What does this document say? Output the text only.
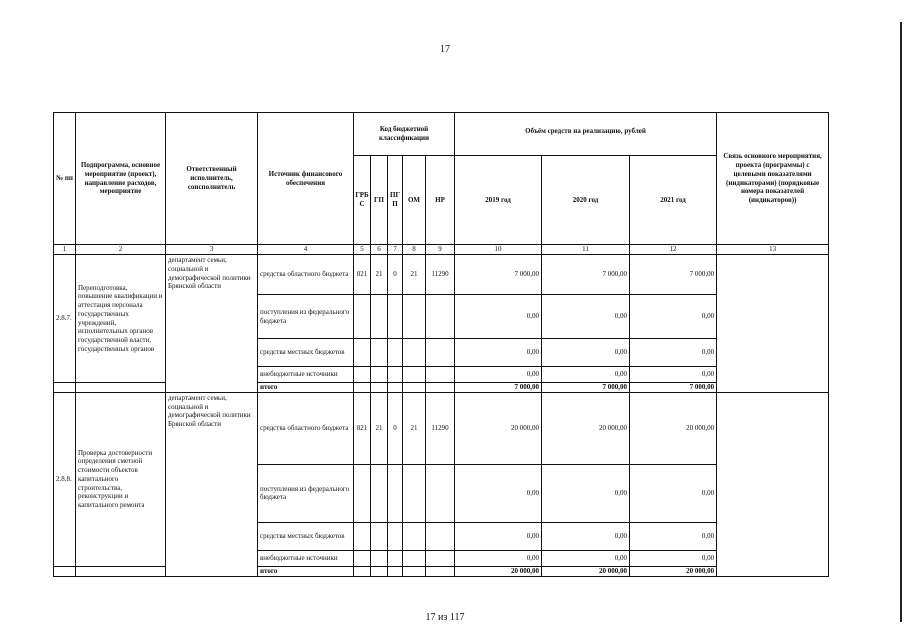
17
№ пп	Подпрограмма, основное мероприятие (проект), направление расходов, мероприятие	Ответственный исполнитель, соисполнитель	Источник финансового обеспечения	Код бюджетной классификации					Объём средств на реализацию, рублей			Связь основного мероприятия, проекта (программы) с целевыми показателями (индикаторами) (порядковые номера показателей (индикаторов))
				ГРБ С	ГП	ПГ П	ОМ	НР	2019 год	2020 год	2021 год	
1	2	3	4	5	6	7	8	9	10	11	12	13
2.8.7.	Переподготовка, повышение квалификации и аттестация персонала государственных учреждений, исполнительных органов государственной власти, государственных органов	департамент семьи, социальной и демографической политики Брянской области	средства областного бюджета	821	21	0	21	11290	7 000,00	7 000,00	7 000,00	
			поступления из федерального бюджета						0,00	0,00	0,00	
			средства местных бюджетов						0,00	0,00	0,00	
			внебюджетные источники						0,00	0,00	0,00	
			итого						7 000,00	7 000,00	7 000,00	
2.8.8.	Проверка достоверности определения сметной стоимости объектов капитального строительства, реконструкции и капитального ремонта	департамент семьи, социальной и демографической политики Брянской области	средства областного бюджета	821	21	0	21	11290	20 000,00	20 000,00	20 000,00	
			поступления из федерального бюджета						0,00	0,00	0,00	
			средства местных бюджетов						0,00	0,00	0,00	
			внебюджетные источники						0,00	0,00	0,00	
			итого						20 000,00	20 000,00	20 000,00	
17 из 117
